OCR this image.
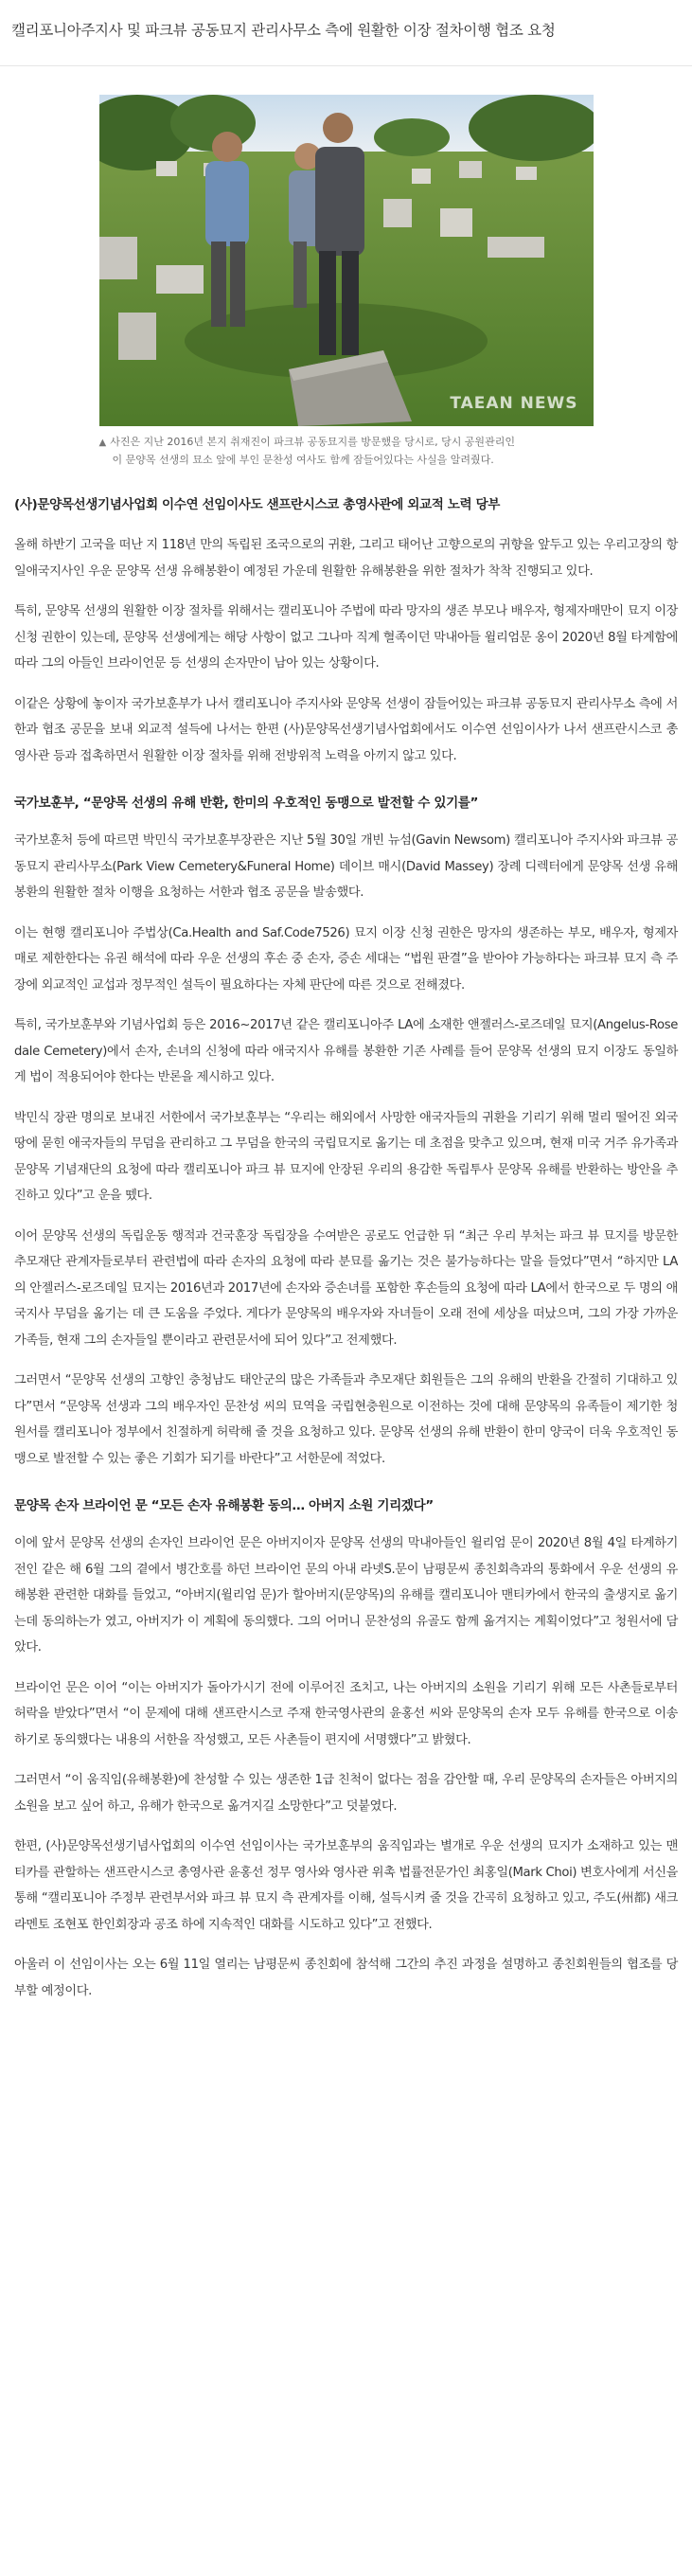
캘리포니아주지사 및 파크뷰 공동묘지 관리사무소 측에 원활한 이장 절차이행 협조 요청
TAEAN NEWS
▲ 사진은 지난 2016년 본지 취재진이 파크뷰 공동묘지를 방문했을 당시로, 당시 공원관리인
이 문양목 선생의 묘소 앞에 부인 문찬성 여사도 함께 잠들어있다는 사실을 알려줬다.

(사)문양목선생기념사업회 이수연 선임이사도 샌프란시스코 총영사관에 외교적 노력 당부

올해 하반기 고국을 떠난 지 118년 만의 독립된 조국으로의 귀환, 그리고 태어난 고향으로의 귀향을 앞두고 있는 우리고장의 항일애국지사인 우운 문양목 선생 유해봉환이 예정된 가운데 원활한 유해봉환을 위한 절차가 착착 진행되고 있다.

특히, 문양목 선생의 원활한 이장 절차를 위해서는 캘리포니아 주법에 따라 망자의 생존 부모나 배우자, 형제자매만이 묘지 이장 신청 권한이 있는데, 문양목 선생에게는 해당 사항이 없고 그나마 직계 혈족이던 막내아들 윌리엄문 옹이 2020년 8월 타계함에 따라 그의 아들인 브라이언문 등 선생의 손자만이 남아 있는 상황이다.

이같은 상황에 놓이자 국가보훈부가 나서 캘리포니아 주지사와 문양목 선생이 잠들어있는 파크뷰 공동묘지 관리사무소 측에 서한과 협조 공문을 보내 외교적 설득에 나서는 한편 (사)문양목선생기념사업회에서도 이수연 선임이사가 나서 샌프란시스코 총영사관 등과 접촉하면서 원활한 이장 절차를 위해 전방위적 노력을 아끼지 않고 있다.

국가보훈부, “문양목 선생의 유해 반환, 한미의 우호적인 동맹으로 발전할 수 있기를”

국가보훈처 등에 따르면 박민식 국가보훈부장관은 지난 5월 30일 개빈 뉴섬(Gavin Newsom) 캘리포니아 주지사와 파크뷰 공동묘지 관리사무소(Park View Cemetery&Funeral Home) 데이브 매시(David Massey) 장례 디렉터에게 문양목 선생 유해봉환의 원활한 절차 이행을 요청하는 서한과 협조 공문을 발송했다.

이는 현행 캘리포니아 주법상(Ca.Health and Saf.Code7526) 묘지 이장 신청 권한은 망자의 생존하는 부모, 배우자, 형제자매로 제한한다는 유권 해석에 따라 우운 선생의 후손 중 손자, 증손 세대는 “법원 판결”을 받아야 가능하다는 파크뷰 묘지 측 주장에 외교적인 교섭과 정무적인 설득이 필요하다는 자체 판단에 따른 것으로 전해졌다.

특히, 국가보훈부와 기념사업회 등은 2016~2017년 같은 캘리포니아주 LA에 소재한 앤젤러스-로즈데일 묘지(Angelus-Rosedale Cemetery)에서 손자, 손녀의 신청에 따라 애국지사 유해를 봉환한 기존 사례를 들어 문양목 선생의 묘지 이장도 동일하게 법이 적용되어야 한다는 반론을 제시하고 있다.

박민식 장관 명의로 보내진 서한에서 국가보훈부는 “우리는 해외에서 사망한 애국자들의 귀환을 기리기 위해 멀리 떨어진 외국 땅에 묻힌 애국자들의 무덤을 관리하고 그 무덤을 한국의 국립묘지로 옮기는 데 초점을 맞추고 있으며, 현재 미국 거주 유가족과 문양목 기념재단의 요청에 따라 캘리포니아 파크 뷰 묘지에 안장된 우리의 용감한 독립투사 문양목 유해를 반환하는 방안을 추진하고 있다”고 운을 뗐다.

이어 문양목 선생의 독립운동 행적과 건국훈장 독립장을 수여받은 공로도 언급한 뒤 “최근 우리 부처는 파크 뷰 묘지를 방문한 추모재단 관계자들로부터 관련법에 따라 손자의 요청에 따라 분묘를 옮기는 것은 불가능하다는 말을 들었다”면서 “하지만 LA의 안젤러스-로즈데일 묘지는 2016년과 2017년에 손자와 증손녀를 포함한 후손들의 요청에 따라 LA에서 한국으로 두 명의 애국지사 무덤을 옮기는 데 큰 도움을 주었다. 게다가 문양목의 배우자와 자녀들이 오래 전에 세상을 떠났으며, 그의 가장 가까운 가족들, 현재 그의 손자들일 뿐이라고 관련문서에 되어 있다”고 전제했다.

그러면서 “문양목 선생의 고향인 충청남도 태안군의 많은 가족들과 추모재단 회원들은 그의 유해의 반환을 간절히 기대하고 있다”면서 “문양목 선생과 그의 배우자인 문찬성 씨의 묘역을 국립현충원으로 이전하는 것에 대해 문양목의 유족들이 제기한 청원서를 캘리포니아 정부에서 친절하게 허락해 줄 것을 요청하고 있다. 문양목 선생의 유해 반환이 한미 양국이 더욱 우호적인 동맹으로 발전할 수 있는 좋은 기회가 되기를 바란다”고 서한문에 적었다.

문양목 손자 브라이언 문 “모든 손자 유해봉환 동의… 아버지 소원 기리겠다”

이에 앞서 문양목 선생의 손자인 브라이언 문은 아버지이자 문양목 선생의 막내아들인 윌리엄 문이 2020년 8월 4일 타계하기 전인 같은 해 6월 그의 곁에서 병간호를 하던 브라이언 문의 아내 라넷S.문이 남평문씨 종친회측과의 통화에서 우운 선생의 유해봉환 관련한 대화를 들었고, “아버지(윌리엄 문)가 할아버지(문양목)의 유해를 캘리포니아 맨티카에서 한국의 출생지로 옮기는데 동의하는가 였고, 아버지가 이 계획에 동의했다. 그의 어머니 문찬성의 유골도 함께 옮겨지는 계획이었다”고 청원서에 담았다.

브라이언 문은 이어 “이는 아버지가 돌아가시기 전에 이루어진 조치고, 나는 아버지의 소원을 기리기 위해 모든 사촌들로부터 허락을 받았다”면서 “이 문제에 대해 샌프란시스코 주재 한국영사관의 윤홍선 씨와 문양목의 손자 모두 유해를 한국으로 이송하기로 동의했다는 내용의 서한을 작성했고, 모든 사촌들이 편지에 서명했다”고 밝혔다.

그러면서 “이 움직임(유해봉환)에 찬성할 수 있는 생존한 1급 친척이 없다는 점을 감안할 때, 우리 문양목의 손자들은 아버지의 소원을 보고 싶어 하고, 유해가 한국으로 옮겨지길 소망한다”고 덧붙였다.

한편, (사)문양목선생기념사업회의 이수연 선임이사는 국가보훈부의 움직임과는 별개로 우운 선생의 묘지가 소재하고 있는 맨티카를 관할하는 샌프란시스코 총영사관 윤홍선 정무 영사와 영사관 위촉 법률전문가인 최홍일(Mark Choi) 변호사에게 서신을 통해 “캘리포니아 주정부 관련부서와 파크 뷰 묘지 측 관계자를 이해, 설득시켜 줄 것을 간곡히 요청하고 있고, 주도(州都) 새크라멘토 조현포 한인회장과 공조 하에 지속적인 대화를 시도하고 있다”고 전했다.

아울러 이 선임이사는 오는 6월 11일 열리는 남평문씨 종친회에 참석해 그간의 추진 과정을 설명하고 종친회원들의 협조를 당부할 예정이다.
